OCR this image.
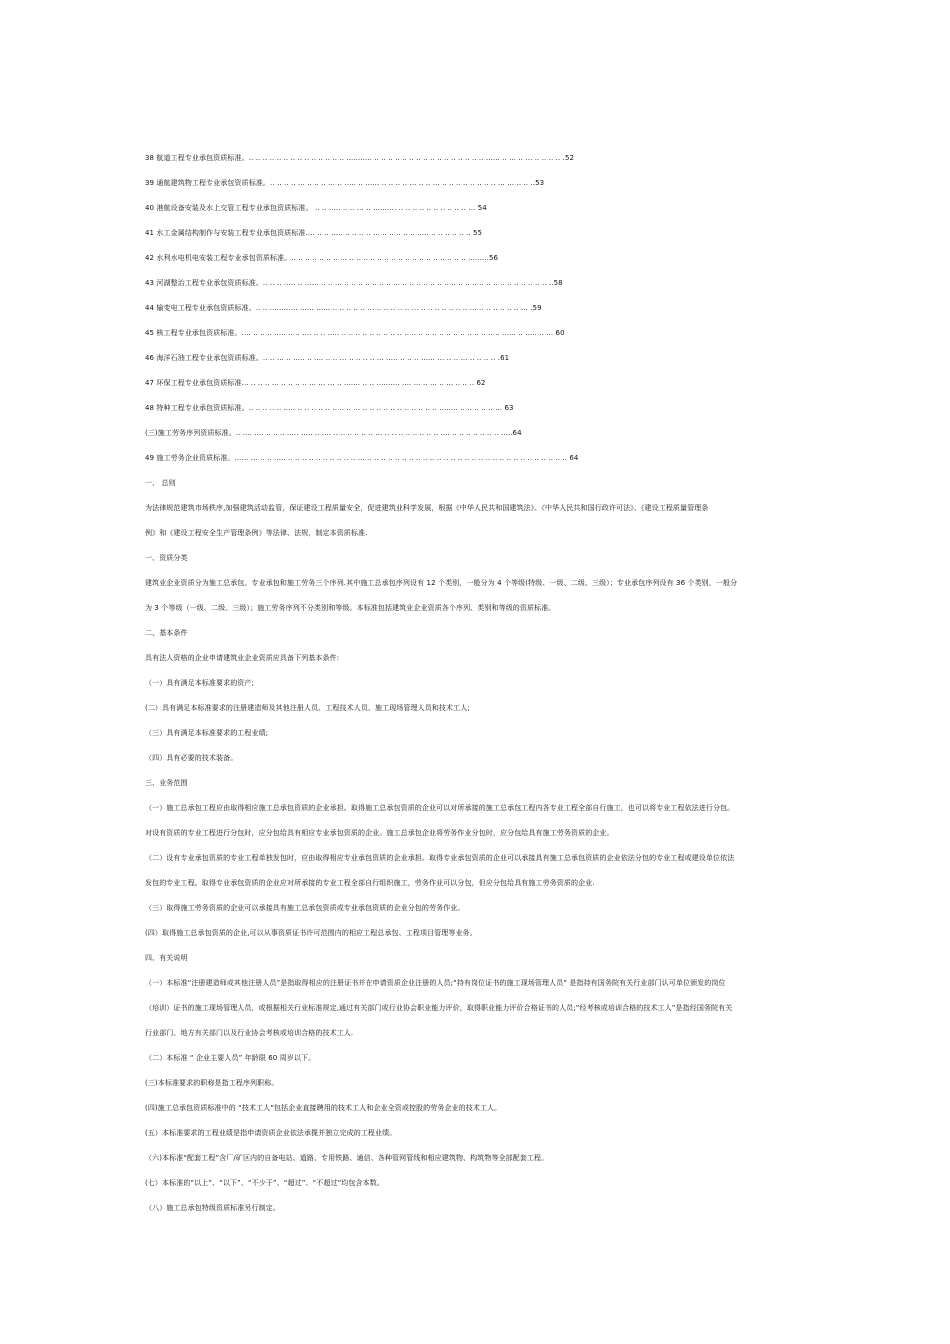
38 航道工程专业承包资质标准。.. .. .. .. .. .. .. .. .. .. .. .. .. .. ........... .. .. .. .. .. .. .. .. .. .. .. .. .. .. .. .. ...... .. ... .. ... .. .. .. .. .52
39 通航建筑物工程专业承包资质标准。.. .. .. .. ... .. .. .. ... .. ..... .. ...... .. .. .. .. ... .. .. ... .. .. .. .. .. .. .. .. ... ... .. .. ..53
40 港航设备安装及水上交管工程专业承包资质标准。 .. .. ..... .. .. ... .. .......... .. .. .. .. .. .. .. .. .. .. ... 54
41 水工金属结构制作与安装工程专业承包资质标准.... .. .. ..... .. .. .. .. ... .. .. .. .. .. ..... .. .. .. .. .. .. 55
42 水利水电机电安装工程专业承包资质标准。.. .. .. .. .. .. .. ... .. .. .. .. .. .. .. .. .. .. .. .. .. .. .. .. .. .........56
43 河湖整治工程专业承包资质标准。.. .. .. ..... .. ...... .. .. ... .. .. .. .. .. .. .. ... .. .. .. .. .. .. .. .. .. .. .. .. .. .. .. .. .. .. .. .. .. ..58
44 输变电工程专业承包资质标准。.. .. ............ ...... ...... .. .. .. .. .. ... .. .. .. .. .. ... .. .. .. .. .. .. .. ... .. .. .. .. .. .. ... .59
45 核工程专业承包资质标准。.... .. .. .. ..... .. .. .... .. .. ..... .. .. .. .. .. .. .. .. .. .. .. .. .. .. .. .. .. .. .. .. .. .. .. ...... .. ..... .. ... 60
46 海洋石油工程专业承包资质标准。.. .. ... .. ..... .. .... .. .. ... .. .. .. .. ... ..... .. .. .. ...... ... .. .. ... .. .. .. .. .61
47 环保工程专业承包资质标准... .. .. .. ... .. .. .. .. ... ... ... .. ....... .. .. .......... .... ... .. ... .. ... .. .. .. 62
48 特种工程专业承包资质标准。.. .. .. .. .. ..... .. .. .. .. .. .. .. .. ... .. .. .. .. .. .. .. .. .. .. .. ........ .. .. .. .. .. ... 63
(三)施工劳务序列资质标准。.. .... .... .. .. .. ..... ..... .. .... .. .. .. .. .. .. ... .. .. .. .. .. .. .. .. .... .. .. .. .. .. .. .. .....64
49 施工劳务企业资质标准。...... ... .. .. ..... .. .. .. .. .. .. .. .. .. .. ... .. .. .. .. .. .. .. .. .. .. .. .. .. .. .. .. .. .. .. .. .. .. .. .. .. .. .. .. .. 64
一、 总则
为法律规范建筑市场秩序,加强建筑活动监管，保证建设工程质量安全，促进建筑业科学发展，根据《中华人民共和国建筑法》、《中华人民共和国行政许可法》、《建设工程质量管理条
例》和《建设工程安全生产管理条例》等法律、法规，制定本资质标准.
一、资质分类
建筑业企业资质分为施工总承包、专业承包和施工劳务三个序列.其中施工总承包序列设有 12 个类别，一般分为 4 个等级(特级、一级、二级、三级）；专业承包序列设有 36 个类别，一般分
为 3 个等级（一级、二级、三级）；施工劳务序列不分类别和等级。本标准包括建筑业企业资质各个序列、类别和等级的资质标准。
二、基本条件
具有法人资格的企业申请建筑业企业资质应具备下列基本条件:
（一）具有满足本标准要求的资产;
(二）具有满足本标准要求的注册建造师及其他注册人员、工程技术人员、施工现场管理人员和技术工人;
（三）具有满足本标准要求的工程业绩;
（四）具有必要的技术装备。
三、业务范围
（一）施工总承包工程应由取得相应施工总承包资质的企业承担。取得施工总承包资质的企业可以对所承接的施工总承包工程内各专业工程全部自行施工，也可以将专业工程依法进行分包。
对设有资质的专业工程进行分包时，应分包给具有相应专业承包资质的企业。施工总承包企业将劳务作业分包时，应分包给具有施工劳务资质的企业。
（二）设有专业承包资质的专业工程单独发包时，应由取得相应专业承包资质的企业承担。取得专业承包资质的企业可以承接具有施工总承包资质的企业依法分包的专业工程或建设单位依法
发包的专业工程。取得专业承包资质的企业应对所承接的专业工程全部自行组织施工，劳务作业可以分包，但应分包给具有施工劳务资质的企业.
（三）取得施工劳务资质的企业可以承接具有施工总承包资质或专业承包资质的企业分包的劳务作业。
(四）取得施工总承包资质的企业,可以从事资质证书许可范围内的相应工程总承包、工程项目管理等业务。
四、有关说明
（一）本标准“注册建造师或其他注册人员”是指取得相应的注册证书并在申请资质企业注册的人员;“持有岗位证书的施工现场管理人员” 是指持有国务院有关行业部门认可单位颁发的岗位
（培训）证书的施工现场管理人员，或根据相关行业标准规定,通过有关部门或行业协会职业能力评价，取得职业能力评价合格证书的人员;“经考核或培训合格的技术工人”是指经国务院有关
行业部门、地方有关部门以及行业协会考核或培训合格的技术工人.
（二）本标准 “ 企业主要人员” 年龄限 60 周岁以下。
(三)本标准要求的职称是指工程序列职称。
(四)施工总承包资质标准中的 “技术工人”包括企业直接聘用的技术工人和企业全资或控股的劳务企业的技术工人。
(五）本标准要求的工程业绩是指申请资质企业依法承揽并独立完成的工程业绩。
（六)本标准“配套工程”含厂/矿区内的自备电站、道路、专用铁路、通信、各种管网管线和相应建筑物、构筑物等全部配套工程。
(七）本标准的“以上”、“以下”、“不少于”、“超过”、“不超过”均包含本数。
（八）施工总承包特级资质标准另行制定。
